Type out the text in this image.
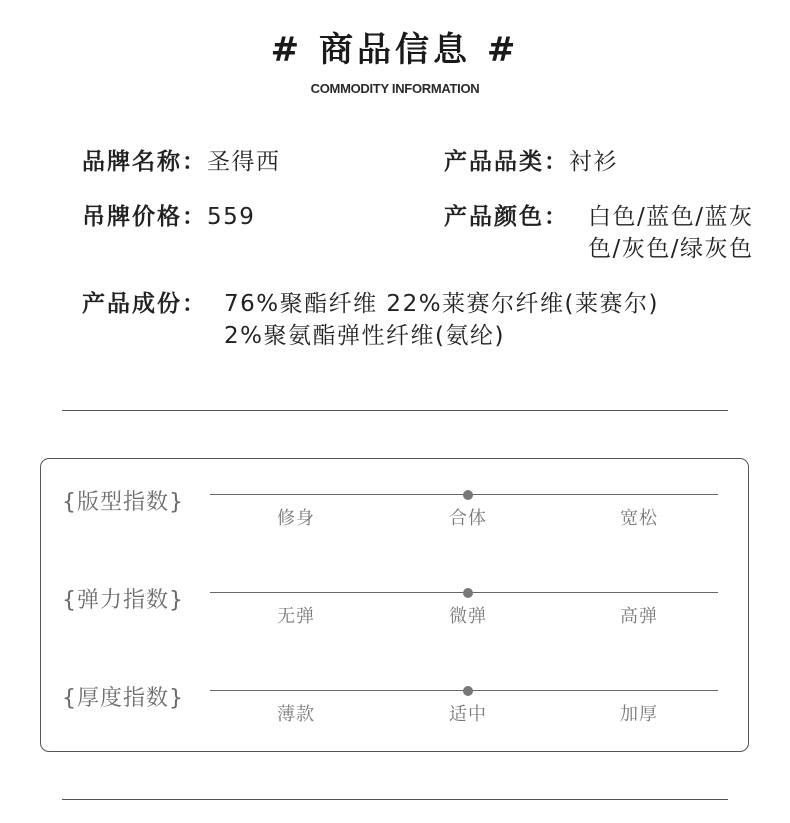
# 商品信息 #
COMMODITY INFORMATION
品牌名称：圣得西	产品品类：衬衫
吊牌价格：559	产品颜色： 白色/蓝色/蓝灰
色/灰色/绿灰色
产品成份： 76%聚酯纤维 22%莱赛尔纤维(莱赛尔)
2%聚氨酯弹性纤维(氨纶)
{版型指数}
修身	合体	宽松
{弹力指数}
无弹	微弹	高弹
{厚度指数}
薄款	适中	加厚
